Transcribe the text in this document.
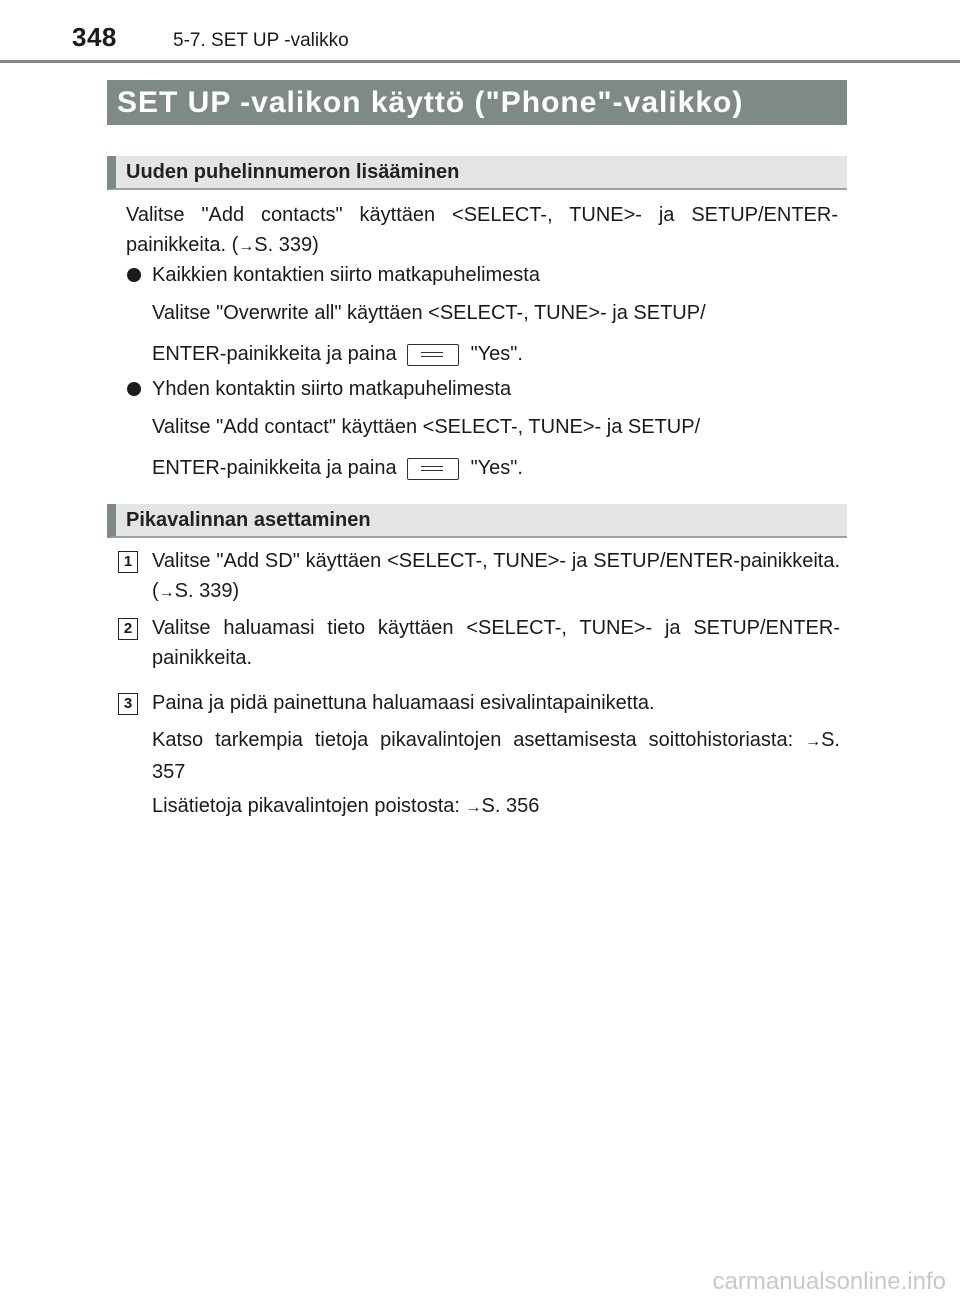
348	5-7. SET UP -valikko
SET UP -valikon käyttö ("Phone"-valikko)
Uuden puhelinnumeron lisääminen
Valitse "Add contacts" käyttäen <SELECT-, TUNE>- ja SETUP/ENTER-painikkeita. (→S. 339)
Kaikkien kontaktien siirto matkapuhelimesta
Valitse "Overwrite all" käyttäen <SELECT-, TUNE>- ja SETUP/
ENTER-painikkeita ja paina	"Yes".
Yhden kontaktin siirto matkapuhelimesta
Valitse "Add contact" käyttäen <SELECT-, TUNE>- ja SETUP/
ENTER-painikkeita ja paina	"Yes".
Pikavalinnan asettaminen
1 Valitse "Add SD" käyttäen <SELECT-, TUNE>- ja SETUP/ENTER-painikkeita. (→S. 339)
2 Valitse haluamasi tieto käyttäen <SELECT-, TUNE>- ja SETUP/ENTER-painikkeita.
3 Paina ja pidä painettuna haluamaasi esivalintapainiketta.
Katso tarkempia tietoja pikavalintojen asettamisesta soittohistoriasta: →S. 357
Lisätietoja pikavalintojen poistosta: →S. 356
carmanualsonline.info
